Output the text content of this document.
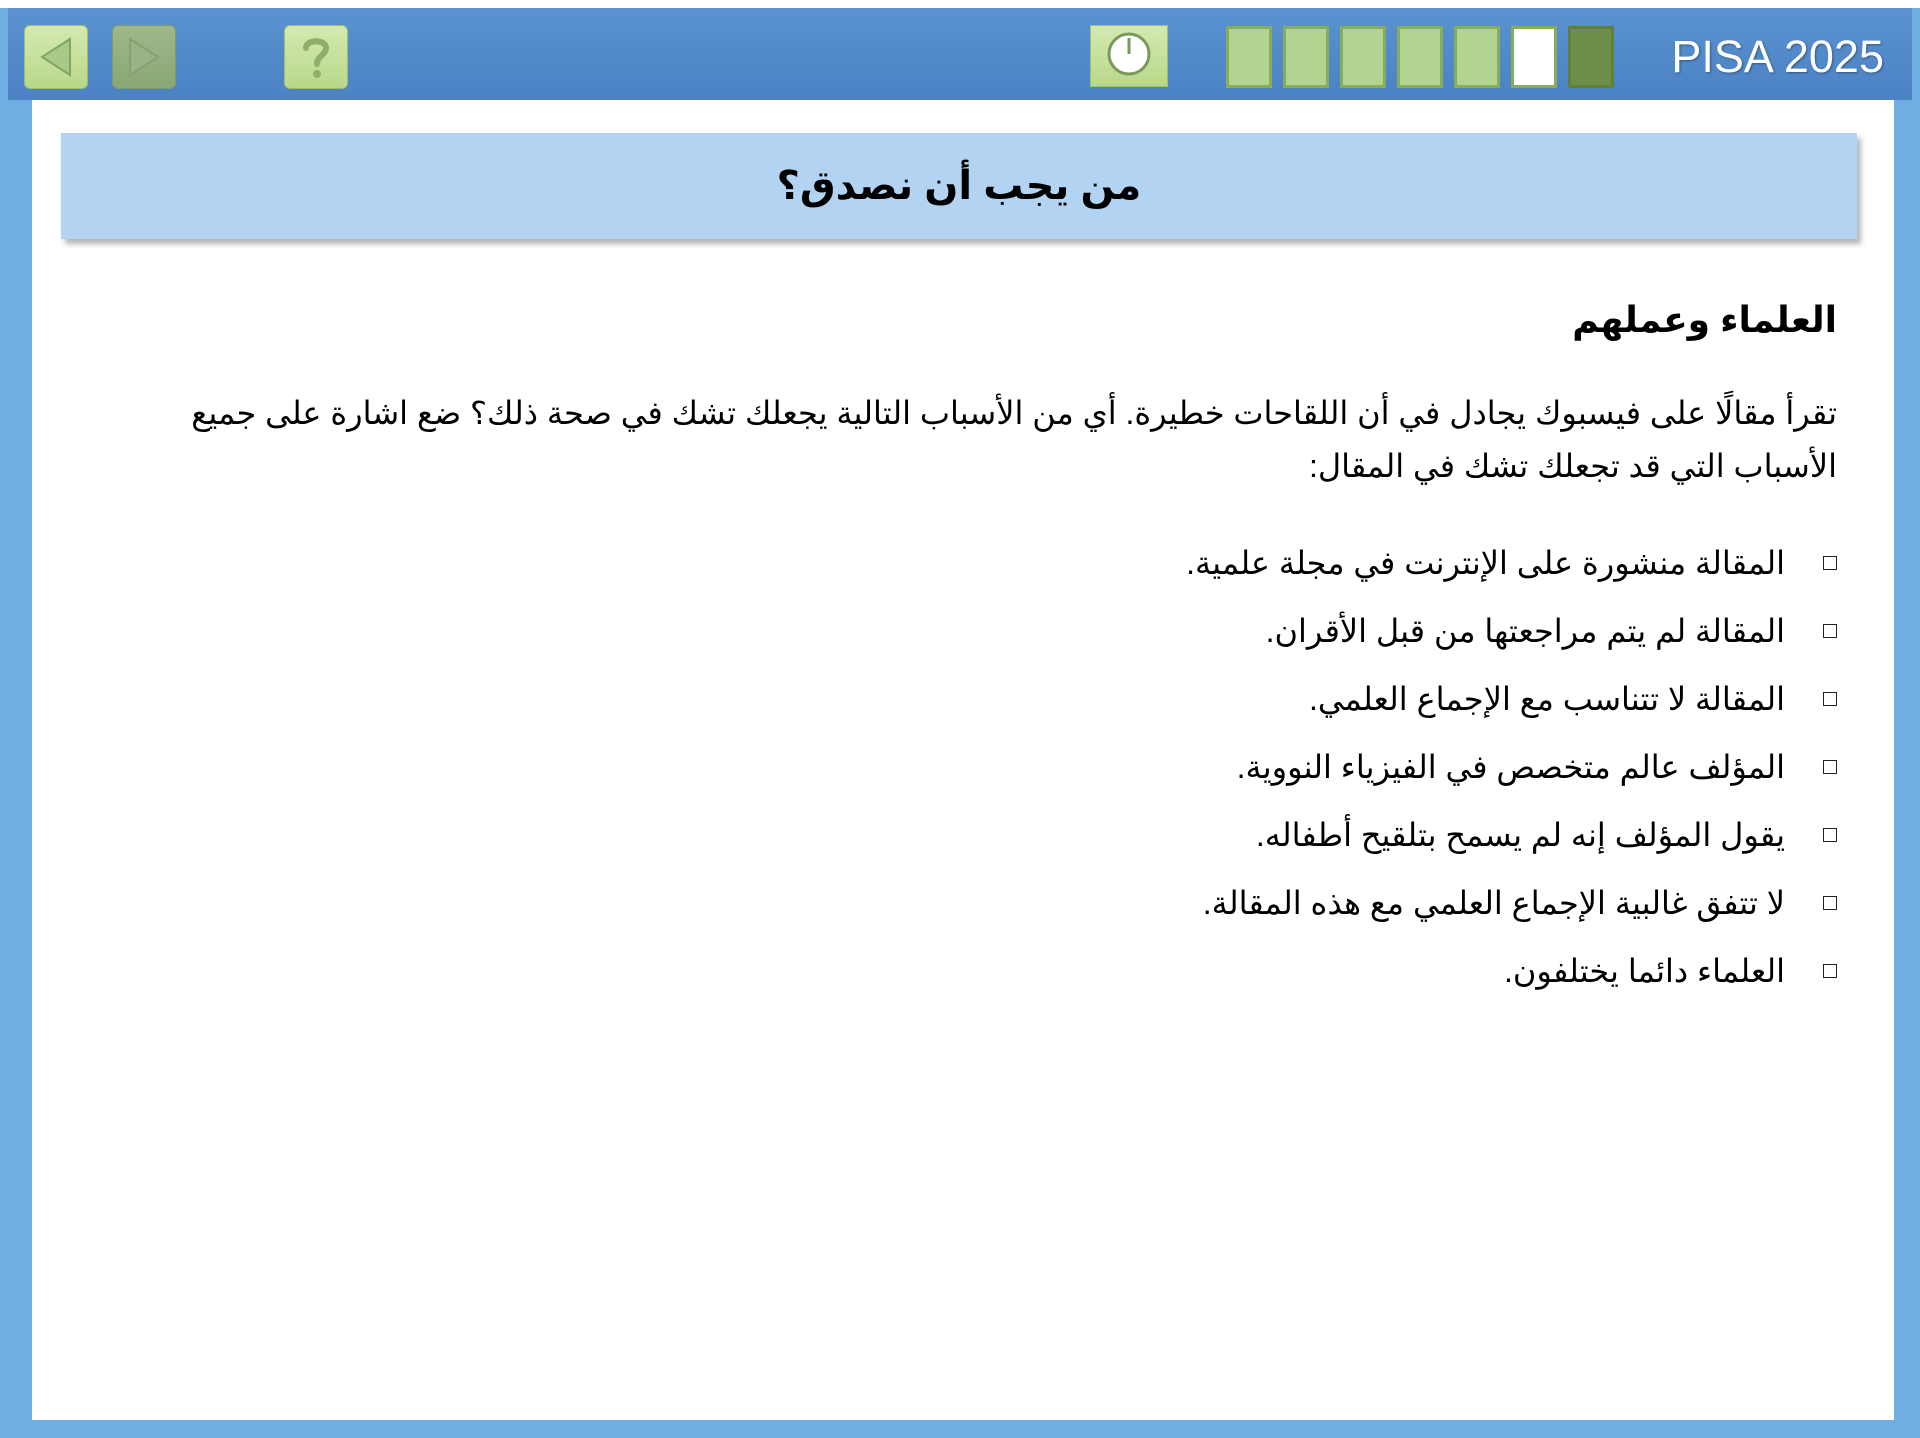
PISA 2025
من يجب أن نصدق؟
العلماء وعملهم
تقرأ مقالًا على فيسبوك يجادل في أن اللقاحات خطيرة. أي من الأسباب التالية يجعلك تشك في صحة ذلك؟ ضع اشارة على جميع الأسباب التي قد تجعلك تشك في المقال:
المقالة منشورة على الإنترنت في مجلة علمية.
المقالة لم يتم مراجعتها من قبل الأقران.
المقالة لا تتناسب مع الإجماع العلمي.
المؤلف عالم متخصص في الفيزياء النووية.
يقول المؤلف إنه لم يسمح بتلقيح أطفاله.
لا تتفق غالبية الإجماع العلمي مع هذه المقالة.
العلماء دائما يختلفون.
